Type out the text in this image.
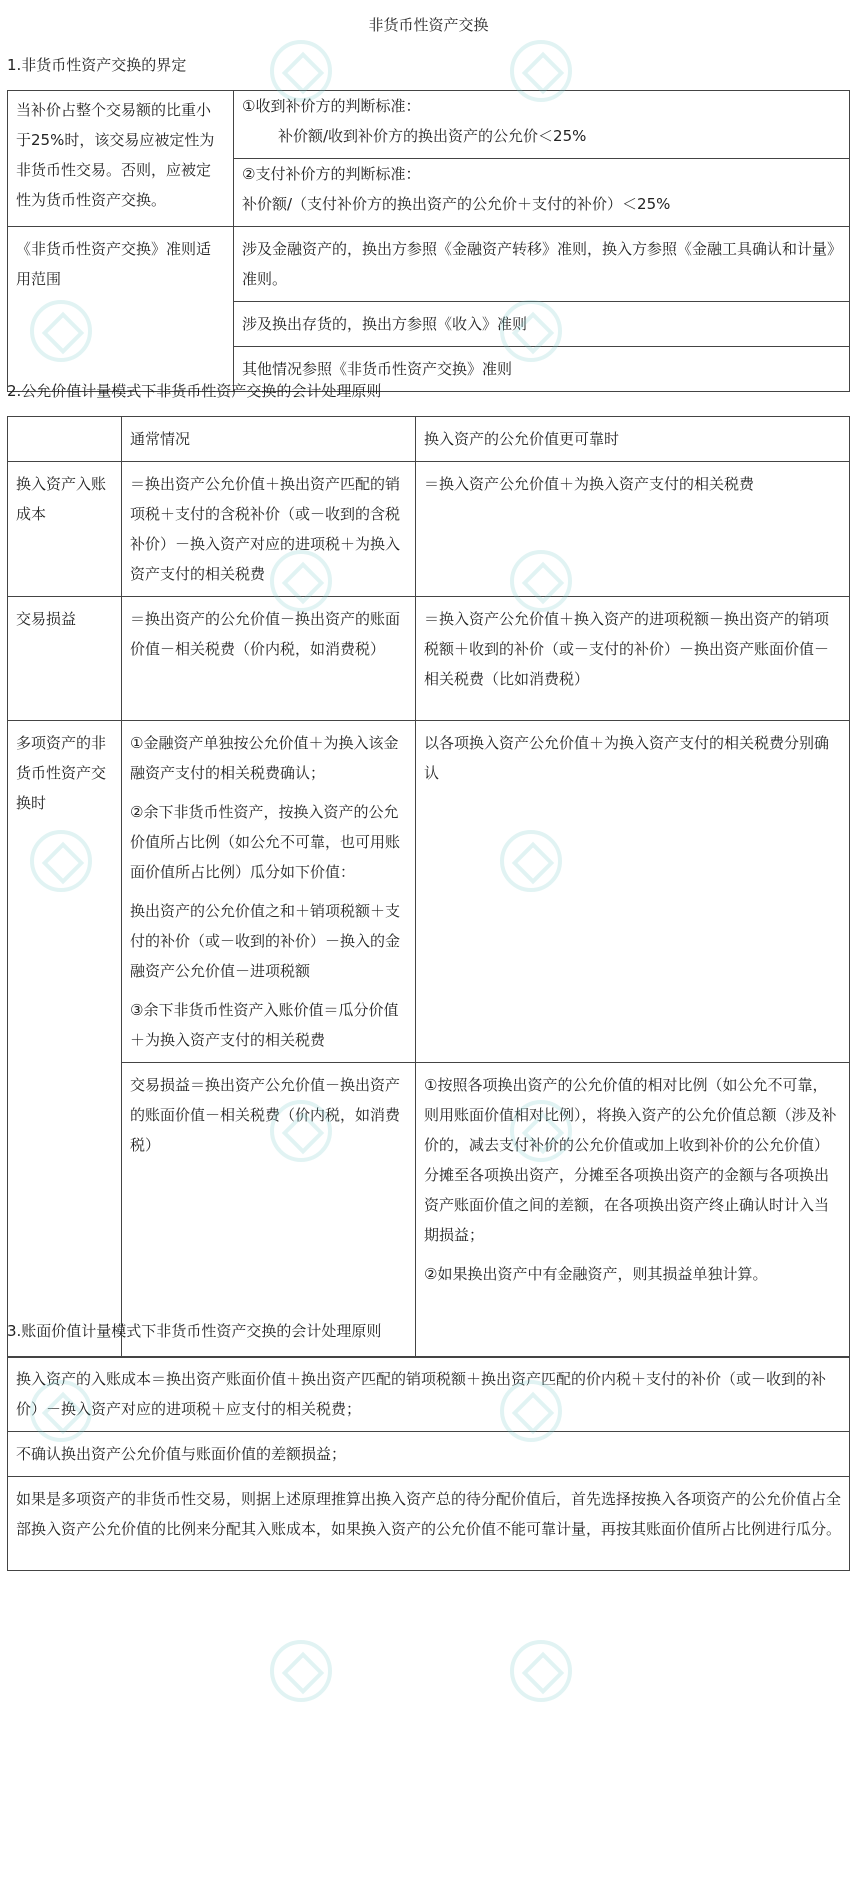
非货币性资产交换
1.非货币性资产交换的界定
当补价占整个交易额的比重小于25%时，该交易应被定性为非货币性交易。否则，应被定性为货币性资产交换。	①收到补价方的判断标准：

补价额/收到补价方的换出资产的公允价＜25%

	②支付补价方的判断标准：

补价额/（支付补价方的换出资产的公允价＋支付的补价）＜25%

《非货币性资产交换》准则适用范围	涉及金融资产的，换出方参照《金融资产转移》准则，换入方参照《金融工具确认和计量》准则。
	涉及换出存货的，换出方参照《收入》准则
	其他情况参照《非货币性资产交换》准则
2.公允价值计量模式下非货币性资产交换的会计处理原则
	通常情况	换入资产的公允价值更可靠时
换入资产入账成本	＝换出资产公允价值＋换出资产匹配的销项税＋支付的含税补价（或－收到的含税补价）－换入资产对应的进项税＋为换入资产支付的相关税费	＝换入资产公允价值＋为换入资产支付的相关税费
交易损益	＝换出资产的公允价值－换出资产的账面价值－相关税费（价内税，如消费税）	＝换入资产公允价值＋换入资产的进项税额－换出资产的销项税额＋收到的补价（或－支付的补价）－换出资产账面价值－相关税费（比如消费税）
多项资产的非货币性资产交换时	①金融资产单独按公允价值＋为换入该金融资产支付的相关税费确认；

②余下非货币性资产，按换入资产的公允价值所占比例（如公允不可靠，也可用账面价值所占比例）瓜分如下价值：

换出资产的公允价值之和＋销项税额＋支付的补价（或－收到的补价）－换入的金融资产公允价值－进项税额

③余下非货币性资产入账价值＝瓜分价值＋为换入资产支付的相关税费	以各项换入资产公允价值＋为换入资产支付的相关税费分别确认
	交易损益＝换出资产公允价值－换出资产的账面价值－相关税费（价内税，如消费税）	①按照各项换出资产的公允价值的相对比例（如公允不可靠，则用账面价值相对比例），将换入资产的公允价值总额（涉及补价的，减去支付补价的公允价值或加上收到补价的公允价值）分摊至各项换出资产，分摊至各项换出资产的金额与各项换出资产账面价值之间的差额，在各项换出资产终止确认时计入当期损益；

②如果换出资产中有金融资产，则其损益单独计算。

3.账面价值计量模式下非货币性资产交换的会计处理原则
换入资产的入账成本＝换出资产账面价值＋换出资产匹配的销项税额＋换出资产匹配的价内税＋支付的补价（或－收到的补价）－换入资产对应的进项税＋应支付的相关税费；
不确认换出资产公允价值与账面价值的差额损益；
如果是多项资产的非货币性交易，则据上述原理推算出换入资产总的待分配价值后，首先选择按换入各项资产的公允价值占全部换入资产公允价值的比例来分配其入账成本，如果换入资产的公允价值不能可靠计量，再按其账面价值所占比例进行瓜分。
